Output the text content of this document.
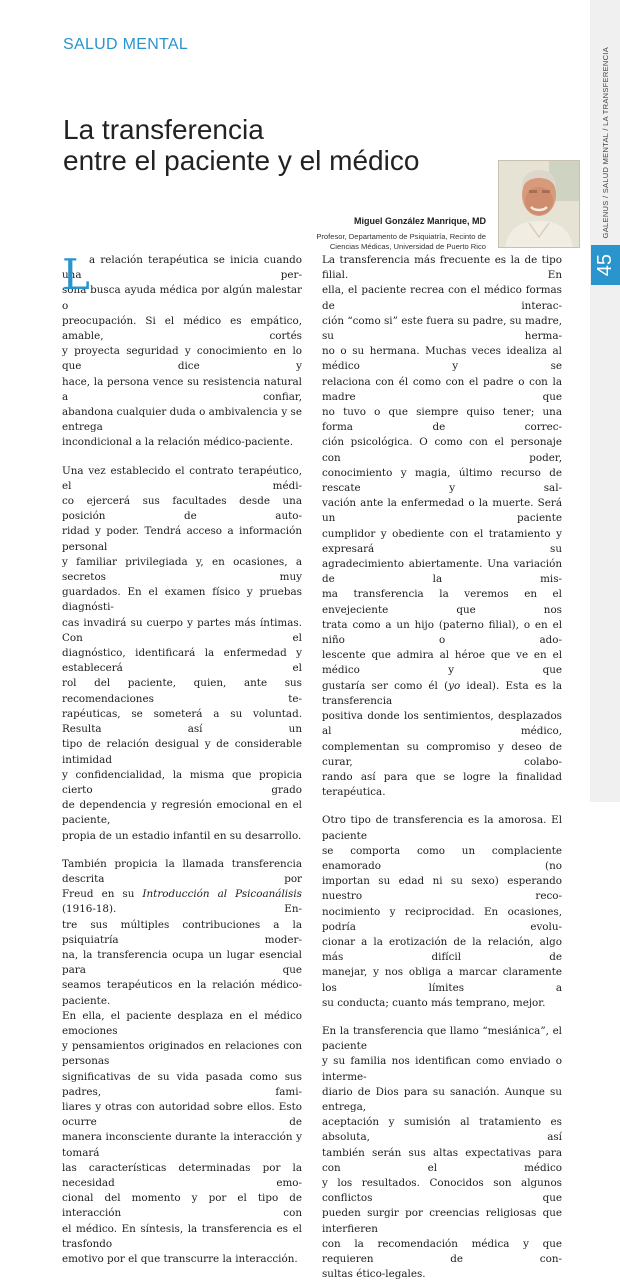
SALUD MENTAL
La transferencia
entre el paciente y el médico
Miguel González Manrique, MD
Profesor, Departamento de Psiquiatría, Recinto de
Ciencias Médicas, Universidad de Puerto Rico
GALENUS / SALUD MENTAL / LA TRANSFERENCIA
45
L a relación terapéutica se inicia cuando una per-

sona busca ayuda médica por algún malestar o

preocupación. Si el médico es empático, amable, cortés

y proyecta seguridad y conocimiento en lo que dice y

hace, la persona vence su resistencia natural a confiar,

abandona cualquier duda o ambivalencia y se entrega

incondicional a la relación médico-paciente.

Una vez establecido el contrato terapéutico, el médi-

co ejercerá sus facultades desde una posición de auto-

ridad y poder. Tendrá acceso a información personal

y familiar privilegiada y, en ocasiones, a secretos muy

guardados. En el examen físico y pruebas diagnósti-

cas invadirá su cuerpo y partes más íntimas. Con el

diagnóstico, identificará la enfermedad y establecerá el

rol del paciente, quien, ante sus recomendaciones te-

rapéuticas, se someterá a su voluntad. Resulta así un

tipo de relación desigual y de considerable intimidad

y confidencialidad, la misma que propicia cierto grado

de dependencia y regresión emocional en el paciente,

propia de un estadio infantil en su desarrollo.

También propicia la llamada transferencia descrita por

Freud en su Introducción al Psicoanálisis (1916-18). En-

tre sus múltiples contribuciones a la psiquiatría moder-

na, la transferencia ocupa un lugar esencial para que

seamos terapéuticos en la relación médico-paciente.

En ella, el paciente desplaza en el médico emociones

y pensamientos originados en relaciones con personas

significativas de su vida pasada como sus padres, fami-

liares y otras con autoridad sobre ellos. Esto ocurre de

manera inconsciente durante la interacción y tomará

las características determinadas por la necesidad emo-

cional del momento y por el tipo de interacción con

el médico. En síntesis, la transferencia es el trasfondo

emotivo por el que transcurre la interacción.

La transferencia más frecuente es la de tipo filial. En

ella, el paciente recrea con el médico formas de interac-

ción “como si” este fuera su padre, su madre, su herma-

no o su hermana. Muchas veces idealiza al médico y se

relaciona con él como con el padre o con la madre que

no tuvo o que siempre quiso tener; una forma de correc-

ción psicológica. O como con el personaje con poder,

conocimiento y magia, último recurso de rescate y sal-

vación ante la enfermedad o la muerte. Será un paciente

cumplidor y obediente con el tratamiento y expresará su

agradecimiento abiertamente. Una variación de la mis-

ma transferencia la veremos en el envejeciente que nos

trata como a un hijo (paterno filial), o en el niño o ado-

lescente que admira al héroe que ve en el médico y que

gustaría ser como él (yo ideal). Esta es la transferencia

positiva donde los sentimientos, desplazados al médico,

complementan su compromiso y deseo de curar, colabo-

rando así para que se logre la finalidad terapéutica.

Otro tipo de transferencia es la amorosa. El paciente

se comporta como un complaciente enamorado (no

importan su edad ni su sexo) esperando nuestro reco-

nocimiento y reciprocidad. En ocasiones, podría evolu-

cionar a la erotización de la relación, algo más difícil de

manejar, y nos obliga a marcar claramente los límites a

su conducta; cuanto más temprano, mejor.

En la transferencia que llamo “mesiánica”, el paciente

y su familia nos identifican como enviado o interme-

diario de Dios para su sanación. Aunque su entrega,

aceptación y sumisión al tratamiento es absoluta, así

también serán sus altas expectativas para con el médico

y los resultados. Conocidos son algunos conflictos que

pueden surgir por creencias religiosas que interfieren

con la recomendación médica y que requieren de con-

sultas ético-legales.
